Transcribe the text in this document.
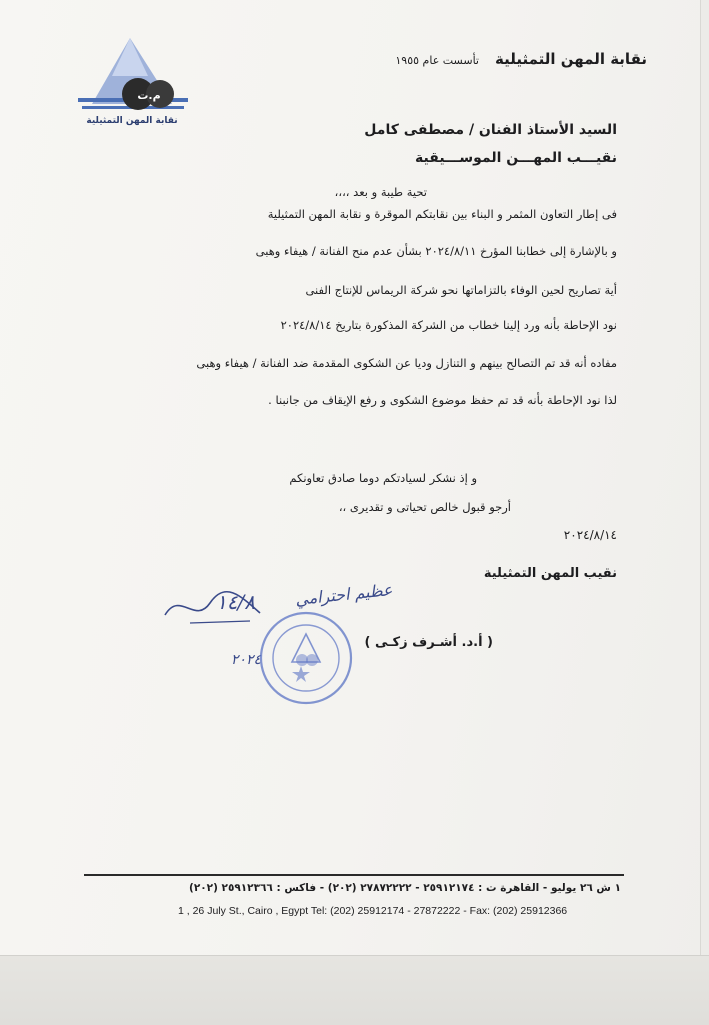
م.ت
نقابة المهن التمثيلية
نقابة المهن التمثيلية
تأسست عام ١٩٥٥
السيد الأستاذ الفنان / مصطفى كامل
نقيـــب المهـــن الموســـيقية
تحية طيبة و بعد ،،،،
فى إطار التعاون المثمر و البناء بين نقابتكم الموقرة و نقابة المهن التمثيلية
و بالإشارة إلى خطابنا المؤرخ ٢٠٢٤/٨/١١ بشأن عدم منح الفنانة / هيفاء وهبى
أية تصاريح لحين الوفاء بالتزاماتها نحو شركة الريماس للإنتاج الفنى
نود الإحاطة بأنه ورد إلينا خطاب من الشركة المذكورة بتاريخ ٢٠٢٤/٨/١٤
مفاده أنه قد تم التصالح بينهم و التنازل وديا عن الشكوى المقدمة ضد الفنانة / هيفاء وهبى
لذا نود الإحاطة بأنه قد تم حفظ موضوع الشكوى و رفع الإيقاف من جانبنا .
و إذ نشكر لسيادتكم دوما صادق تعاونكم
أرجو قبول خالص تحياتى و تقديرى ،،
٢٠٢٤/٨/١٤
نقيب المهن التمثيلية
عظيم احترامي
١٤/٨
٢٠٢٤
( أ.د. أشـرف زكـى )
١ ش ٢٦ يوليو - القاهرة ت : ٢٥٩١٢١٧٤ - ٢٧٨٧٢٢٢٢ (٢٠٢) - فاكس : ٢٥٩١٢٣٦٦ (٢٠٢)
1 , 26 July St., Cairo , Egypt Tel: (202) 25912174 - 27872222 - Fax: (202) 25912366
